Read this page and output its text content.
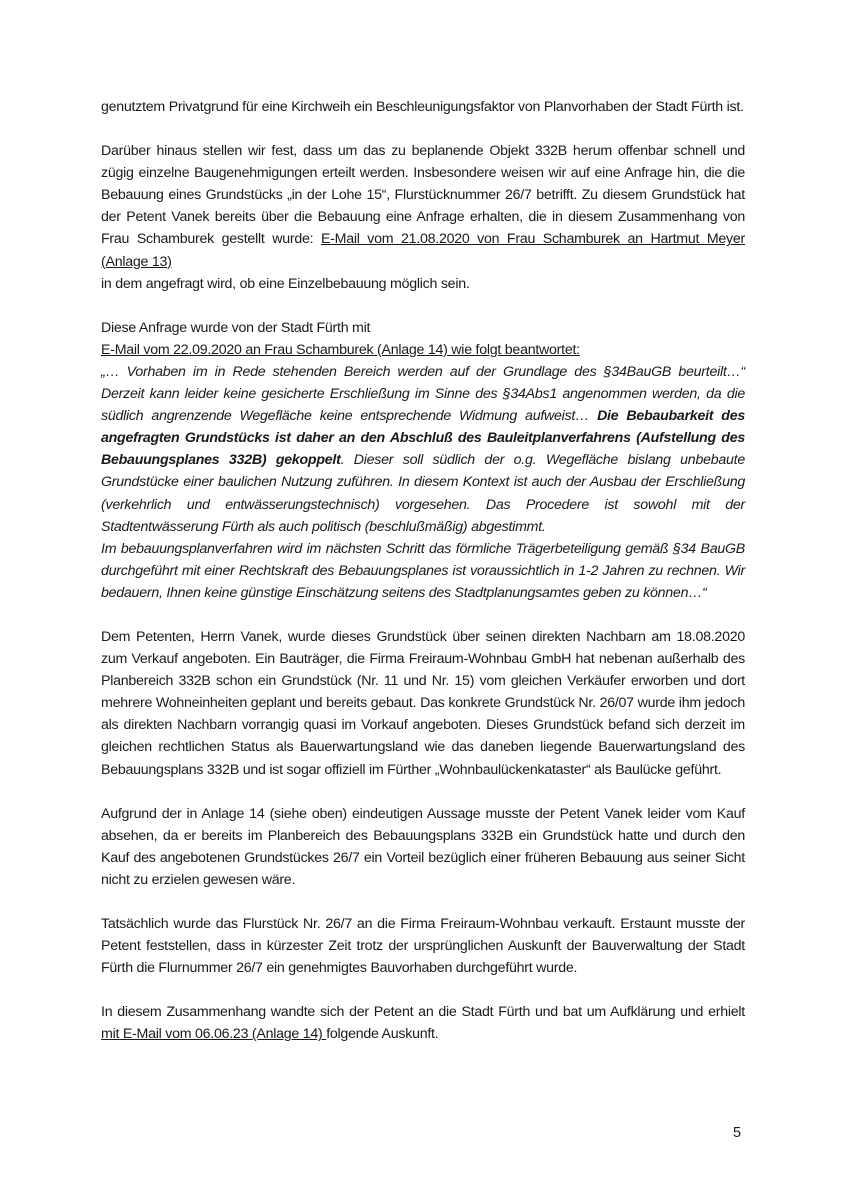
genutztem Privatgrund für eine Kirchweih ein Beschleunigungsfaktor von Planvorhaben der Stadt Fürth ist.

Darüber hinaus stellen wir fest, dass um das zu beplanende Objekt 332B herum offenbar schnell und zügig einzelne Baugenehmigungen erteilt werden. Insbesondere weisen wir auf eine Anfrage hin, die die Bebauung eines Grundstücks „in der Lohe 15“, Flurstücknummer 26/7 betrifft. Zu diesem Grundstück hat der Petent Vanek bereits über die Bebauung eine Anfrage erhalten, die in diesem Zusammenhang von Frau Schamburek gestellt wurde: E-Mail vom 21.08.2020 von Frau Schamburek an Hartmut Meyer (Anlage 13)
in dem angefragt wird, ob eine Einzelbebauung möglich sein.

Diese Anfrage wurde von der Stadt Fürth mit
E-Mail vom 22.09.2020 an Frau Schamburek (Anlage 14) wie folgt beantwortet:

„… Vorhaben im in Rede stehenden Bereich werden auf der Grundlage des §34BauGB beurteilt…“ Derzeit kann leider keine gesicherte Erschließung im Sinne des §34Abs1 angenommen werden, da die südlich angrenzende Wegefläche keine entsprechende Widmung aufweist… Die Bebaubarkeit des angefragten Grundstücks ist daher an den Abschluß des Bauleitplanverfahrens (Aufstellung des Bebauungsplanes 332B) gekoppelt. Dieser soll südlich der o.g. Wegefläche bislang unbebaute Grundstücke einer baulichen Nutzung zuführen. In diesem Kontext ist auch der Ausbau der Erschließung (verkehrlich und entwässerungstechnisch) vorgesehen. Das Procedere ist sowohl mit der Stadtentwässerung Fürth als auch politisch (beschlußmäßig) abgestimmt.

Im bebauungsplanverfahren wird im nächsten Schritt das förmliche Trägerbeteiligung gemäß §34 BauGB durchgeführt mit einer Rechtskraft des Bebauungsplanes ist voraussichtlich in 1-2 Jahren zu rechnen. Wir bedauern, Ihnen keine günstige Einschätzung seitens des Stadtplanungsamtes geben zu können…“

Dem Petenten, Herrn Vanek, wurde dieses Grundstück über seinen direkten Nachbarn am 18.08.2020 zum Verkauf angeboten. Ein Bauträger, die Firma Freiraum-Wohnbau GmbH hat nebenan außerhalb des Planbereich 332B schon ein Grundstück (Nr. 11 und Nr. 15) vom gleichen Verkäufer erworben und dort mehrere Wohneinheiten geplant und bereits gebaut. Das konkrete Grundstück Nr. 26/07 wurde ihm jedoch als direkten Nachbarn vorrangig quasi im Vorkauf angeboten. Dieses Grundstück befand sich derzeit im gleichen rechtlichen Status als Bauerwartungsland wie das daneben liegende Bauerwartungsland des Bebauungsplans 332B und ist sogar offiziell im Fürther „Wohnbaulückenkataster“ als Baulücke geführt.

Aufgrund der in Anlage 14 (siehe oben) eindeutigen Aussage musste der Petent Vanek leider vom Kauf absehen, da er bereits im Planbereich des Bebauungsplans 332B ein Grundstück hatte und durch den Kauf des angebotenen Grundstückes 26/7 ein Vorteil bezüglich einer früheren Bebauung aus seiner Sicht nicht zu erzielen gewesen wäre.

Tatsächlich wurde das Flurstück Nr. 26/7 an die Firma Freiraum-Wohnbau verkauft. Erstaunt musste der Petent feststellen, dass in kürzester Zeit trotz der ursprünglichen Auskunft der Bauverwaltung der Stadt Fürth die Flurnummer 26/7 ein genehmigtes Bauvorhaben durchgeführt wurde.

In diesem Zusammenhang wandte sich der Petent an die Stadt Fürth und bat um Aufklärung und erhielt mit E-Mail vom 06.06.23 (Anlage 14) folgende Auskunft.

5
